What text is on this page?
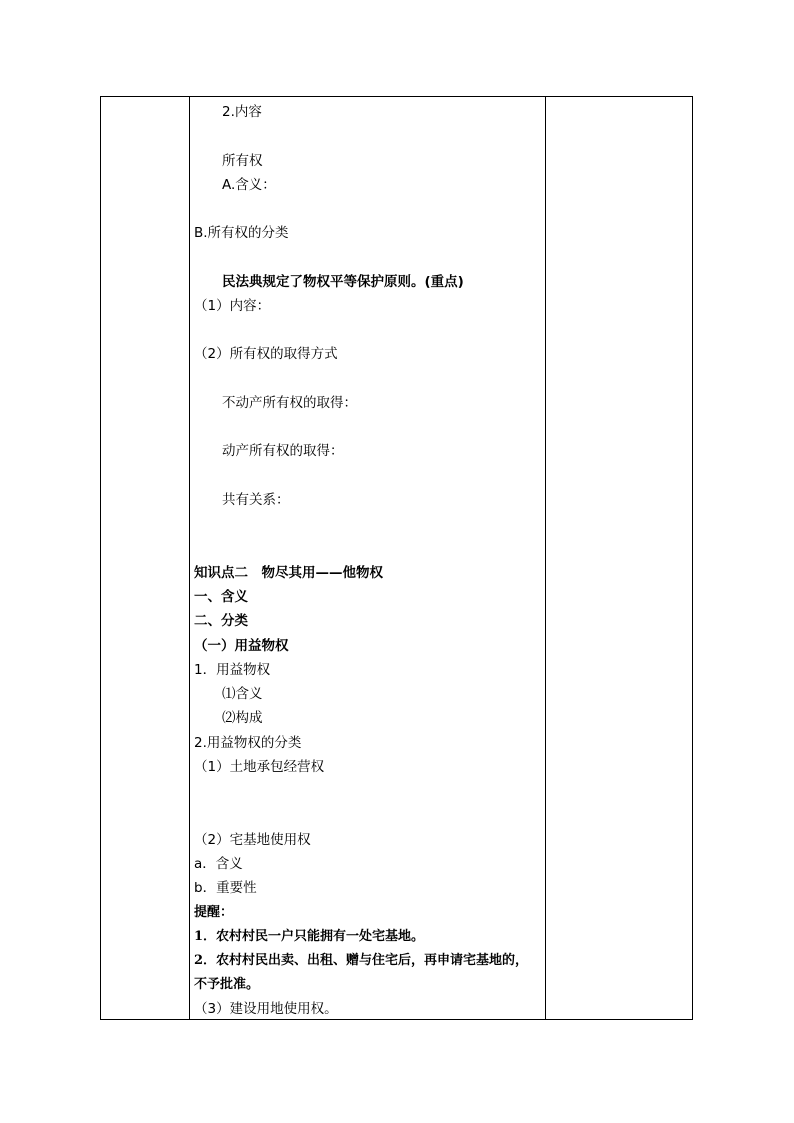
2.内容
所有权
A.含义：
B.所有权的分类
民法典规定了物权平等保护原则。(重点)
（1）内容：
（2）所有权的取得方式
不动产所有权的取得：
动产所有权的取得：
共有关系：
知识点二　物尽其用——他物权
一、含义
二、分类
（一）用益物权
1．用益物权
⑴含义
⑵构成
2.用益物权的分类
（1）土地承包经营权
（2）宅基地使用权
a．含义
b．重要性
提醒：
1．农村村民一户只能拥有一处宅基地。
2．农村村民出卖、出租、赠与住宅后，再申请宅基地的，
不予批准。
（3）建设用地使用权。
